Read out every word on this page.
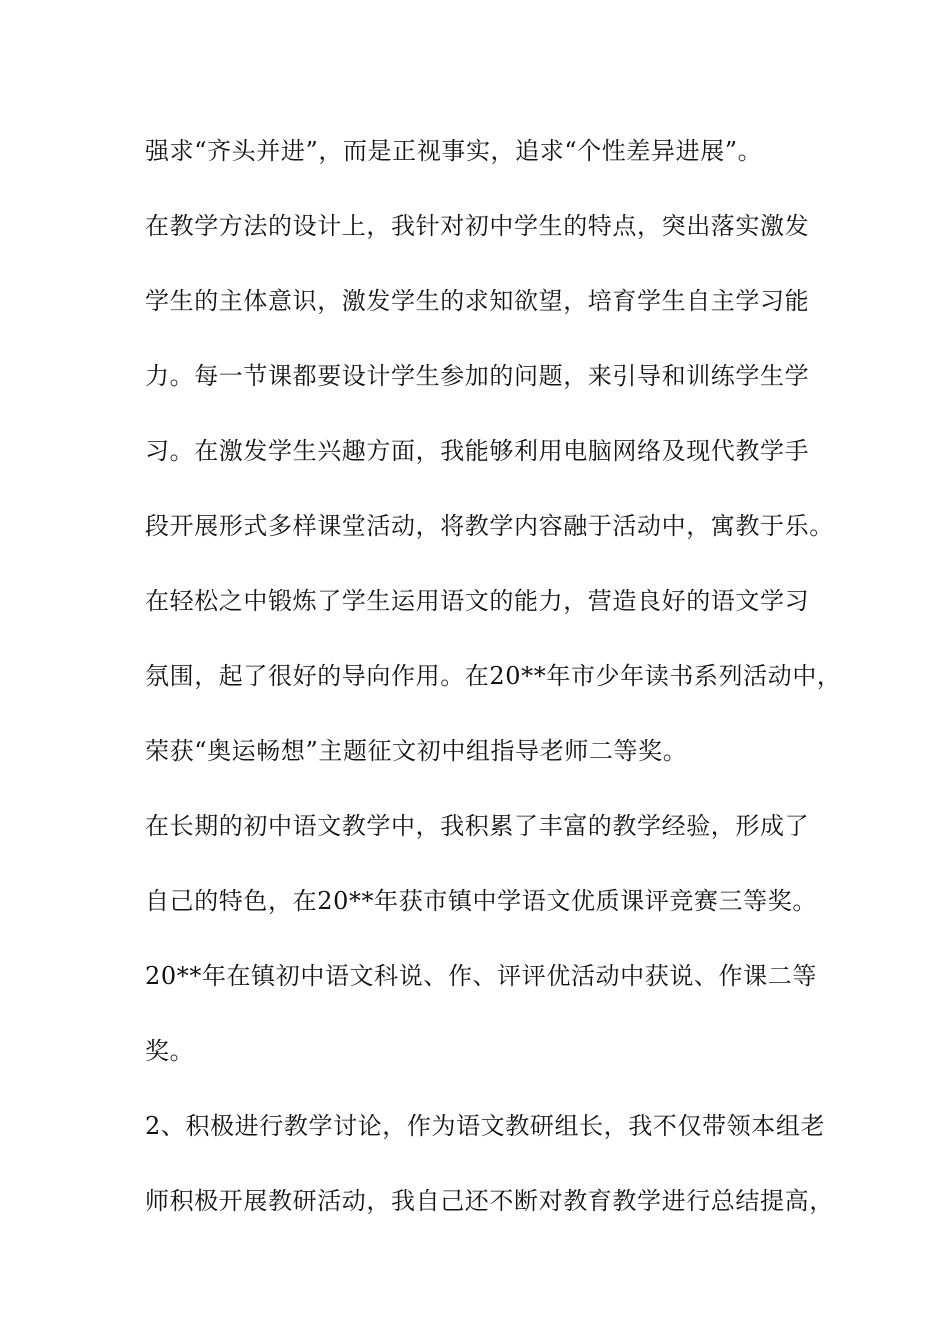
强求“齐头并进”，而是正视事实，追求“个性差异进展”。
在教学方法的设计上，我针对初中学生的特点，突出落实激发
学生的主体意识，激发学生的求知欲望，培育学生自主学习能
力。每一节课都要设计学生参加的问题，来引导和训练学生学
习。在激发学生兴趣方面，我能够利用电脑网络及现代教学手
段开展形式多样课堂活动，将教学内容融于活动中，寓教于乐。
在轻松之中锻炼了学生运用语文的能力，营造良好的语文学习
氛围，起了很好的导向作用。在20**年市少年读书系列活动中，
荣获“奥运畅想”主题征文初中组指导老师二等奖。
在长期的初中语文教学中，我积累了丰富的教学经验，形成了
自己的特色，在20**年获市镇中学语文优质课评竞赛三等奖。
20**年在镇初中语文科说、作、评评优活动中获说、作课二等
奖。
2、积极进行教学讨论，作为语文教研组长，我不仅带领本组老
师积极开展教研活动，我自己还不断对教育教学进行总结提高，
